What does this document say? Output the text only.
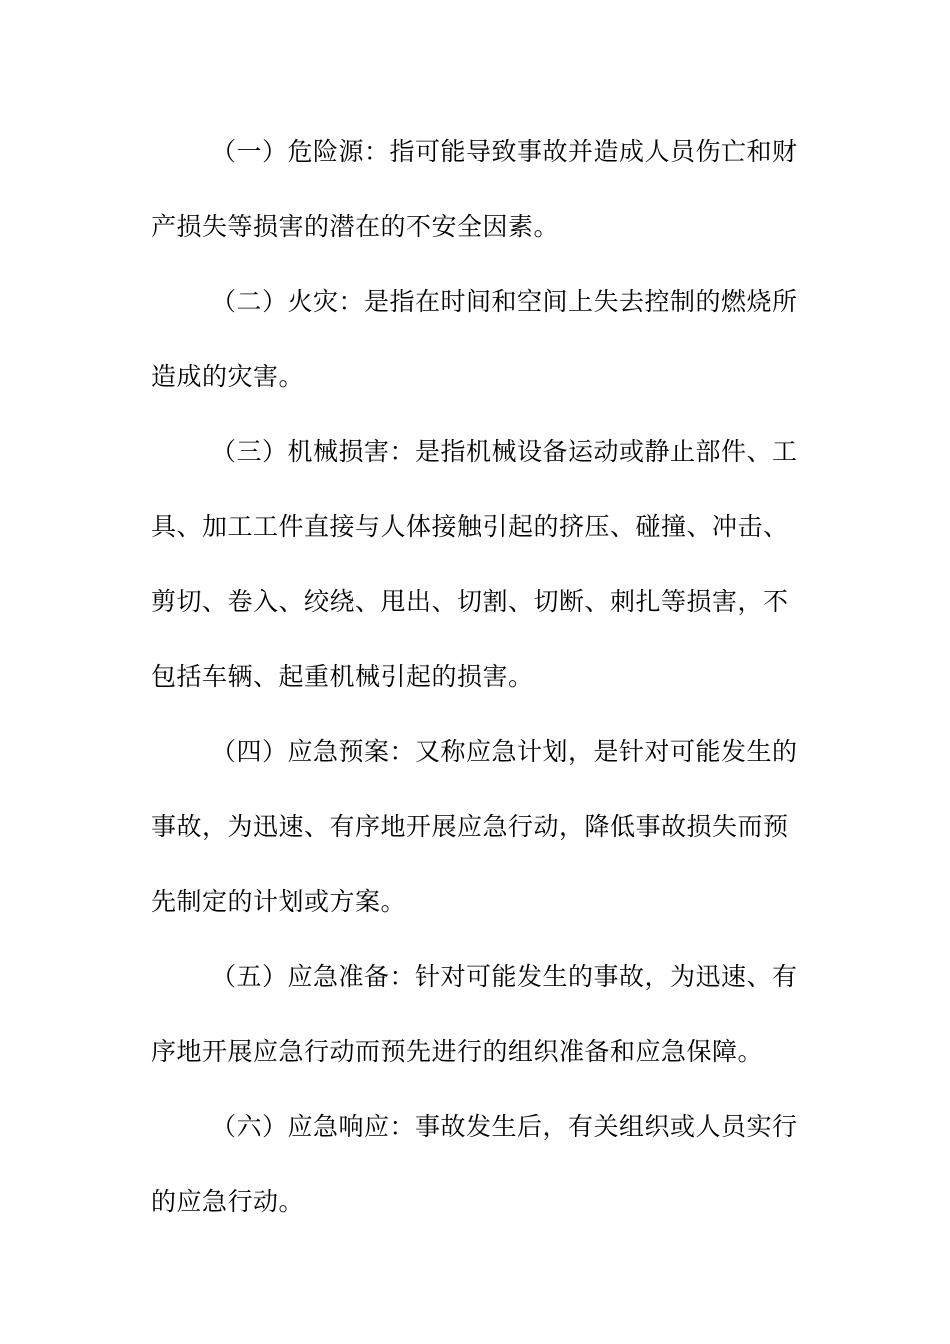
（一）危险源：指可能导致事故并造成人员伤亡和财
产损失等损害的潜在的不安全因素。
（二）火灾：是指在时间和空间上失去控制的燃烧所
造成的灾害。
（三）机械损害：是指机械设备运动或静止部件、工
具、加工工件直接与人体接触引起的挤压、碰撞、冲击、
剪切、卷入、绞绕、甩出、切割、切断、刺扎等损害，不
包括车辆、起重机械引起的损害。
（四）应急预案：又称应急计划，是针对可能发生的
事故，为迅速、有序地开展应急行动，降低事故损失而预
先制定的计划或方案。
（五）应急准备：针对可能发生的事故，为迅速、有
序地开展应急行动而预先进行的组织准备和应急保障。
（六）应急响应：事故发生后，有关组织或人员实行
的应急行动。
